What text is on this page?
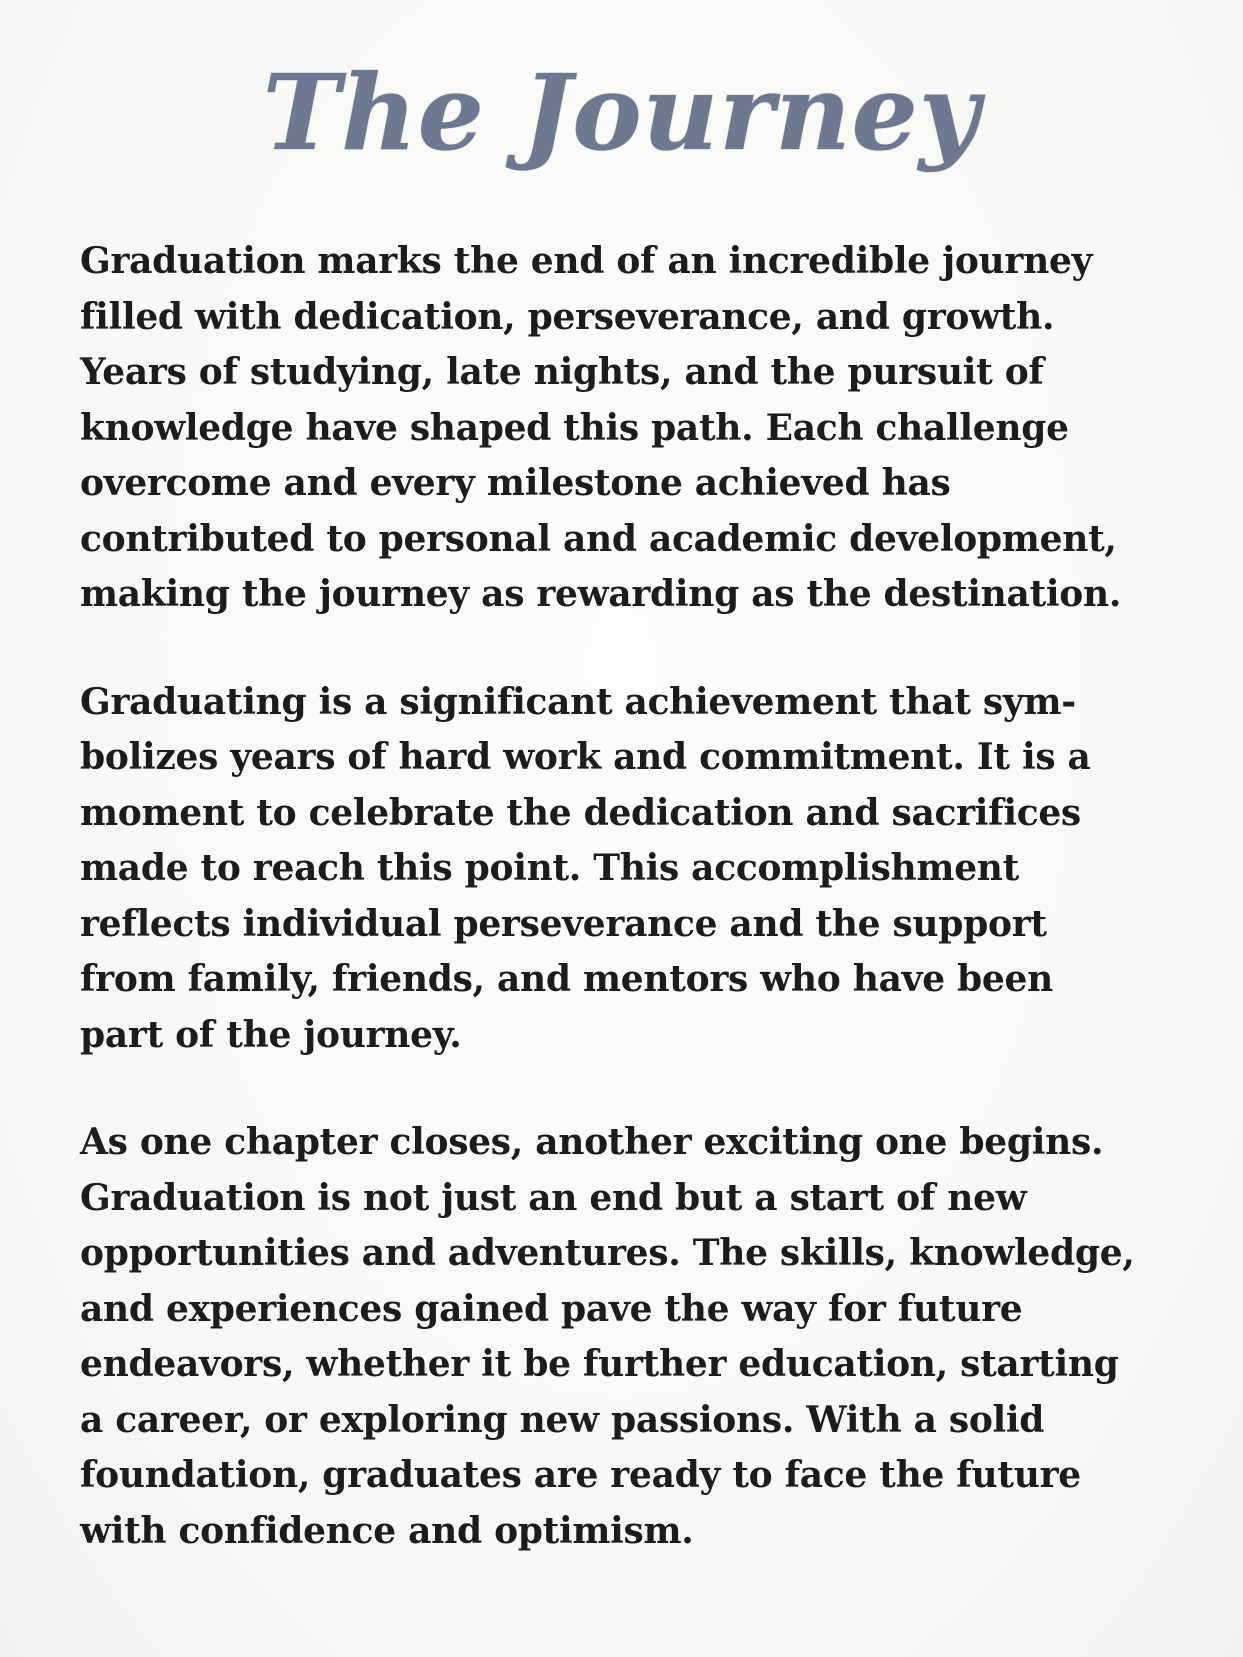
The Journey
Graduation marks the end of an incredible journey
filled with dedication, perseverance, and growth.
Years of studying, late nights, and the pursuit of
knowledge have shaped this path. Each challenge
overcome and every milestone achieved has
contributed to personal and academic development,
making the journey as rewarding as the destination.
Graduating is a significant achievement that sym-
bolizes years of hard work and commitment. It is a
moment to celebrate the dedication and sacrifices
made to reach this point. This accomplishment
reflects individual perseverance and the support
from family, friends, and mentors who have been
part of the journey.
As one chapter closes, another exciting one begins.
Graduation is not just an end but a start of new
opportunities and adventures. The skills, knowledge,
and experiences gained pave the way for future
endeavors, whether it be further education, starting
a career, or exploring new passions. With a solid
foundation, graduates are ready to face the future
with confidence and optimism.
